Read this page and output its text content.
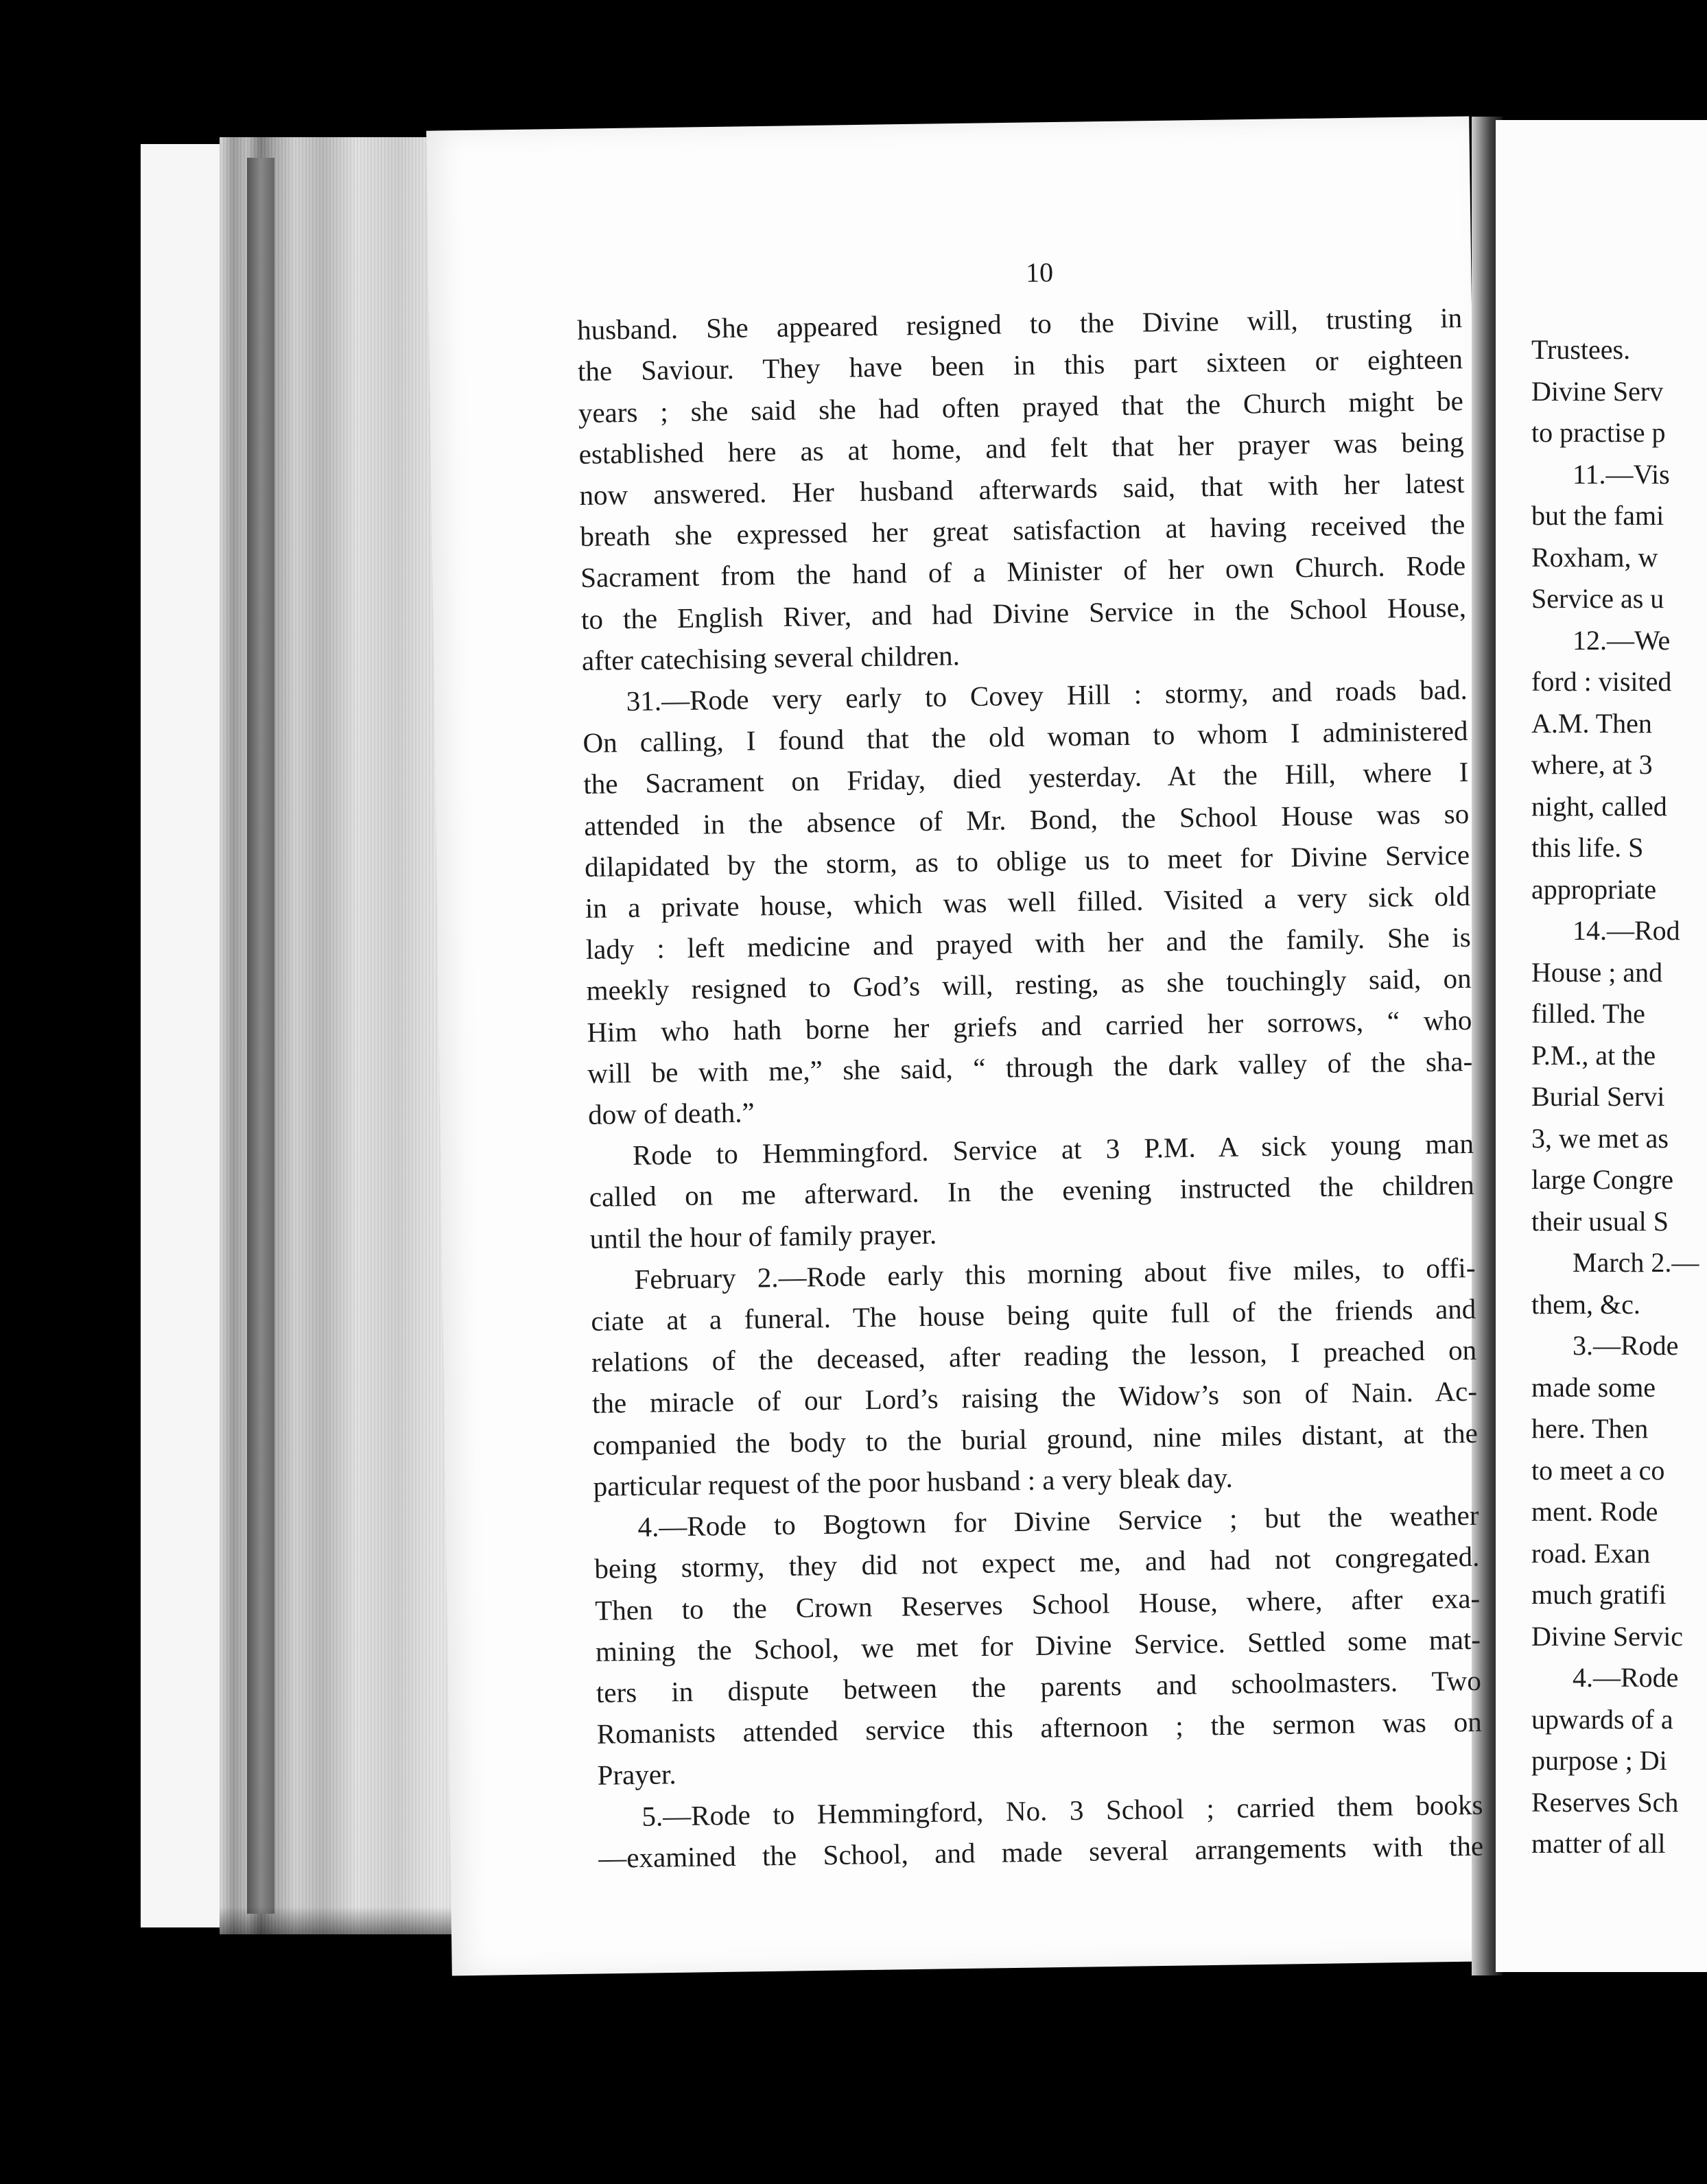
10
husband. She appeared resigned to the Divine will, trusting in
the Saviour. They have been in this part sixteen or eighteen
years ; she said she had often prayed that the Church might be
established here as at home, and felt that her prayer was being
now answered. Her husband afterwards said, that with her latest
breath she expressed her great satisfaction at having received the
Sacrament from the hand of a Minister of her own Church. Rode
to the English River, and had Divine Service in the School House,
after catechising several children.
31.—Rode very early to Covey Hill : stormy, and roads bad.
On calling, I found that the old woman to whom I administered
the Sacrament on Friday, died yesterday. At the Hill, where I
attended in the absence of Mr. Bond, the School House was so
dilapidated by the storm, as to oblige us to meet for Divine Service
in a private house, which was well filled. Visited a very sick old
lady : left medicine and prayed with her and the family. She is
meekly resigned to God’s will, resting, as she touchingly said, on
Him who hath borne her griefs and carried her sorrows, “ who
will be with me,” she said, “ through the dark valley of the sha-
dow of death.”
Rode to Hemmingford. Service at 3 P.M. A sick young man
called on me afterward. In the evening instructed the children
until the hour of family prayer.
February 2.—Rode early this morning about five miles, to offi-
ciate at a funeral. The house being quite full of the friends and
relations of the deceased, after reading the lesson, I preached on
the miracle of our Lord’s raising the Widow’s son of Nain. Ac-
companied the body to the burial ground, nine miles distant, at the
particular request of the poor husband : a very bleak day.
4.—Rode to Bogtown for Divine Service ; but the weather
being stormy, they did not expect me, and had not congregated.
Then to the Crown Reserves School House, where, after exa-
mining the School, we met for Divine Service. Settled some mat-
ters in dispute between the parents and schoolmasters. Two
Romanists attended service this afternoon ; the sermon was on
Prayer.
5.—Rode to Hemmingford, No. 3 School ; carried them books
—examined the School, and made several arrangements with the
Trustees.
Divine Serv
to practise p
11.—Vis
but the fami
Roxham, w
Service as u
12.—We
ford : visited
A.M. Then
where, at 3
night, called
this life. S
appropriate
14.—Rod
House ; and
filled. The
P.M., at the
Burial Servi
3, we met as
large Congre
their usual S
March 2.—
them, &c.
3.—Rode
made some
here. Then
to meet a co
ment. Rode
road. Exan
much gratifi
Divine Servic
4.—Rode
upwards of a
purpose ; Di
Reserves Sch
matter of all
